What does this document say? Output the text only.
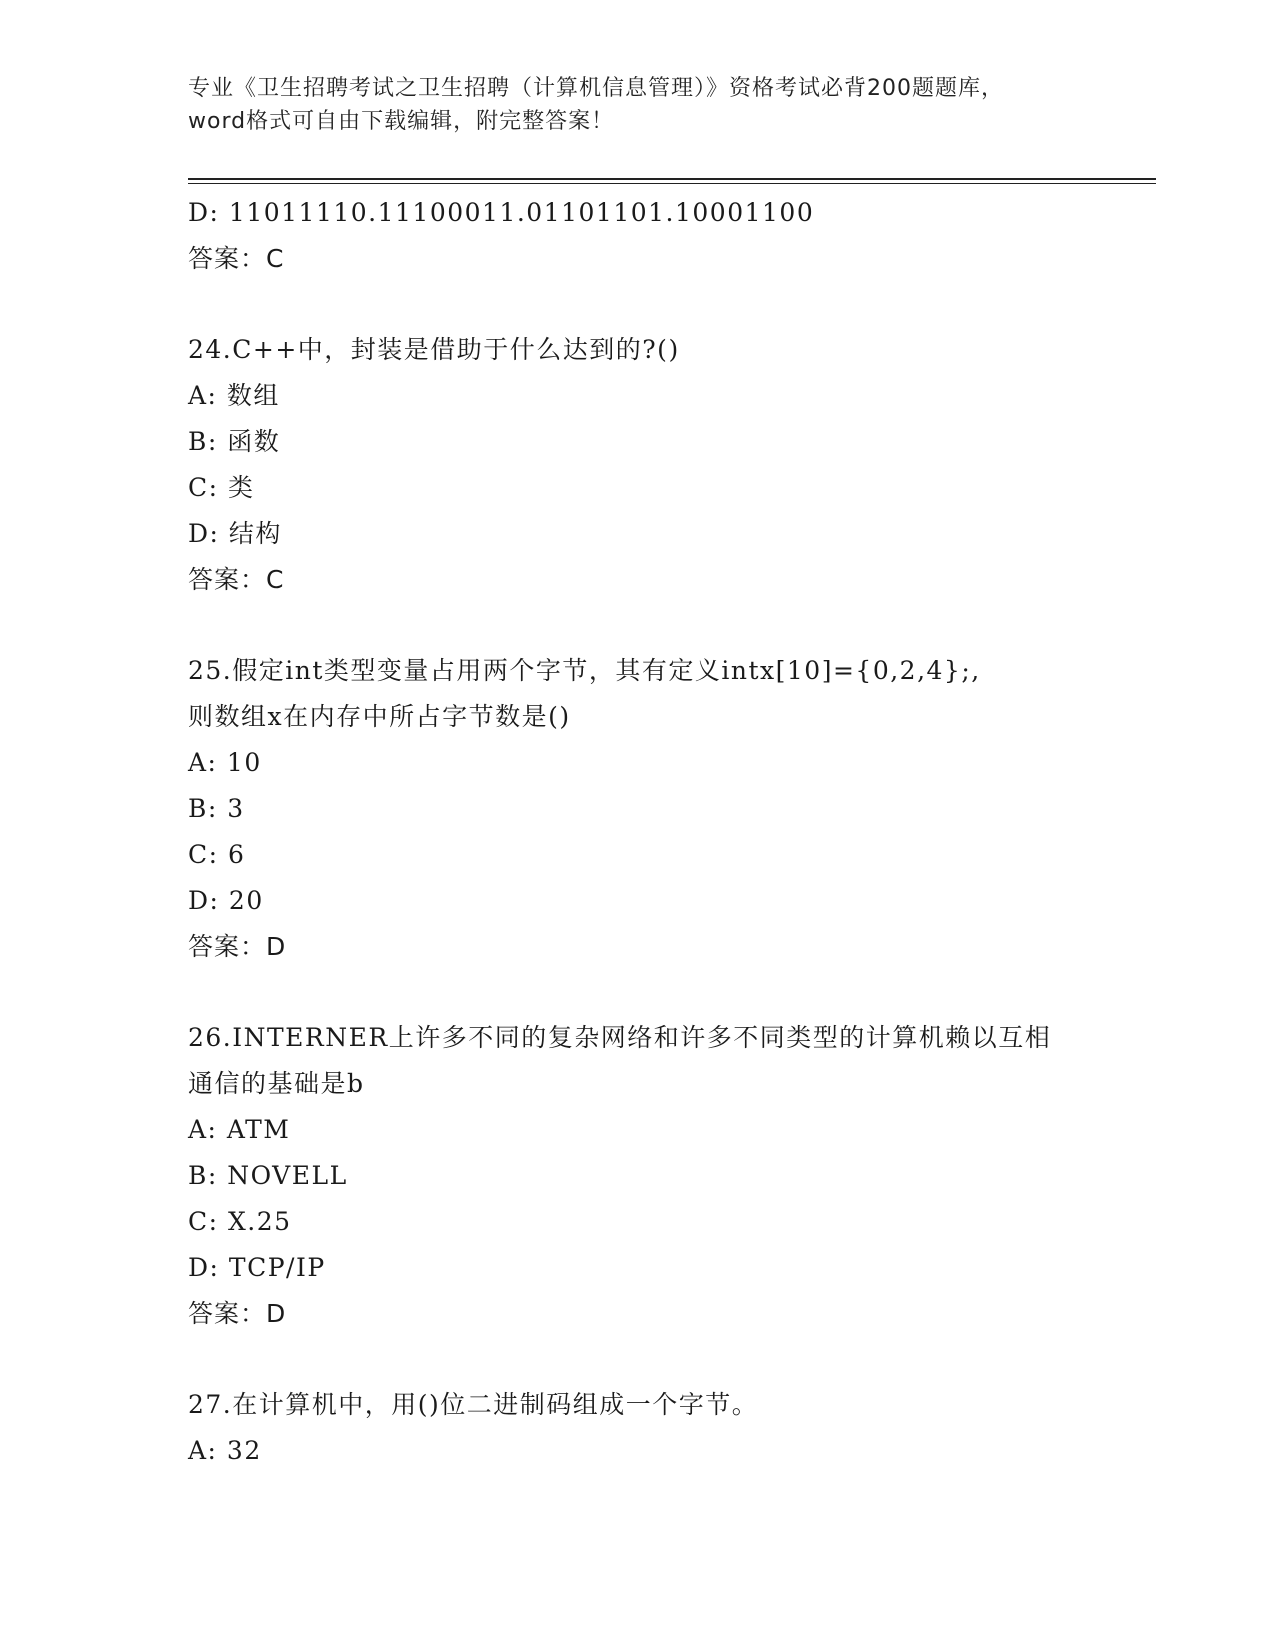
专业《卫生招聘考试之卫生招聘（计算机信息管理）》资格考试必背200题题库，
word格式可自由下载编辑，附完整答案！
D: 11011110.11100011.01101101.10001100
答案：C
24.C++中，封装是借助于什么达到的?()
A: 数组
B: 函数
C: 类
D: 结构
答案：C
25.假定int类型变量占用两个字节，其有定义intx[10]={0,2,4};,
则数组x在内存中所占字节数是()
A: 10
B: 3
C: 6
D: 20
答案：D
26.INTERNER上许多不同的复杂网络和许多不同类型的计算机赖以互相
通信的基础是b
A: ATM
B: NOVELL
C: X.25
D: TCP/IP
答案：D
27.在计算机中，用()位二进制码组成一个字节。
A: 32
